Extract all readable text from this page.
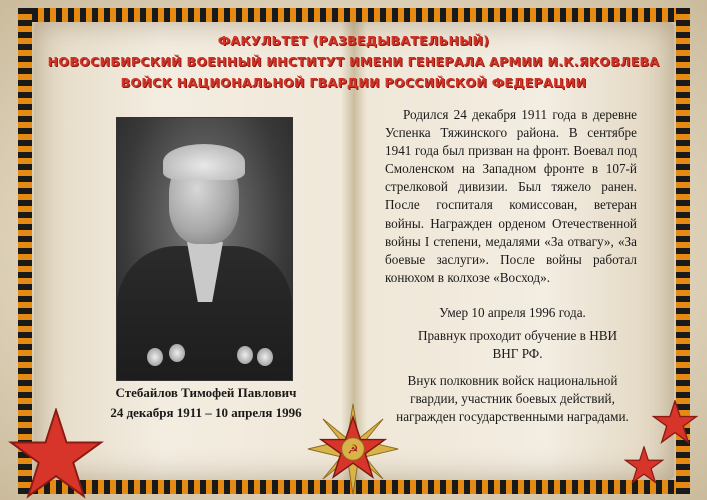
ФАКУЛЬТЕТ (РАЗВЕДЫВАТЕЛЬНЫЙ)
НОВОСИБИРСКИЙ ВОЕННЫЙ ИНСТИТУТ ИМЕНИ ГЕНЕРАЛА АРМИИ И.К.ЯКОВЛЕВА
ВОЙСК НАЦИОНАЛЬНОЙ ГВАРДИИ РОССИЙСКОЙ ФЕДЕРАЦИИ
Стебайлов Тимофей Павлович
24 декабря 1911 – 10 апреля 1996

Родился 24 декабря 1911 года в деревне Успенка Тяжинского района. В сентябре 1941 года был призван на фронт. Воевал под Смоленском на Западном фронте в 107-й стрелковой дивизии. Был тяжело ранен. После госпиталя комиссован, ветеран войны. Награжден орденом Отечественной войны I степени, медалями «За отвагу», «За боевые заслуги». После войны работал конюхом в колхозе «Восход».

Умер 10 апреля 1996 года.
Правнук проходит обучение в НВИ ВНГ РФ.
Внук полковник войск национальной гвардии, участник боевых действий, награжден государственными наградами.
☭
